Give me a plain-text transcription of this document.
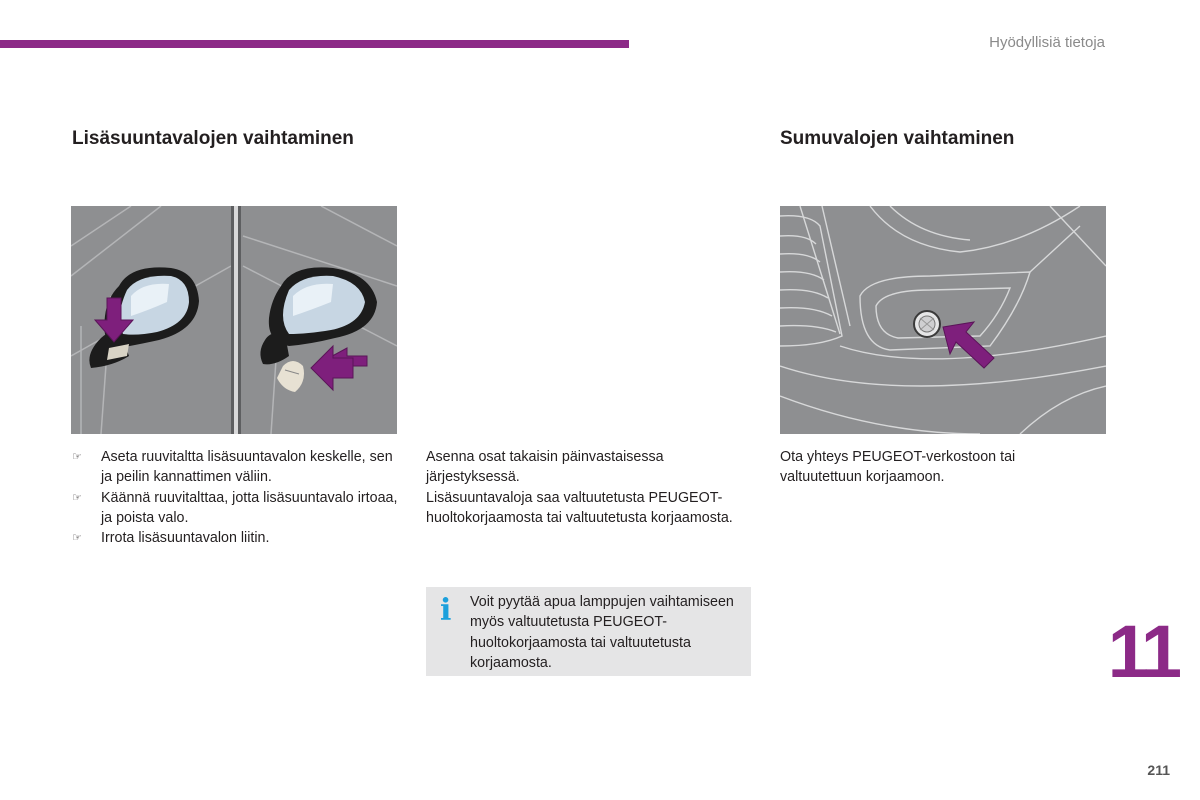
Hyödyllisiä tietoja
Lisäsuuntavalojen vaihtaminen
☞ Aseta ruuvitaltta lisäsuuntavalon keskelle, sen ja peilin kannattimen väliin.
☞ Käännä ruuvitalttaa, jotta lisäsuuntavalo irtoaa, ja poista valo.
☞ Irrota lisäsuuntavalon liitin.

Asenna osat takaisin päinvastaisessa järjestyksessä.

Lisäsuuntavaloja saa valtuutetusta PEUGEOT-huoltokorjaamosta tai valtuutetusta korjaamosta.

i Voit pyytää apua lamppujen vaihtamiseen myös valtuutetusta PEUGEOT-huoltokorjaamosta tai valtuutetusta korjaamosta.
Sumuvalojen vaihtaminen
Ota yhteys PEUGEOT-verkostoon tai valtuutettuun korjaamoon.
11
211
